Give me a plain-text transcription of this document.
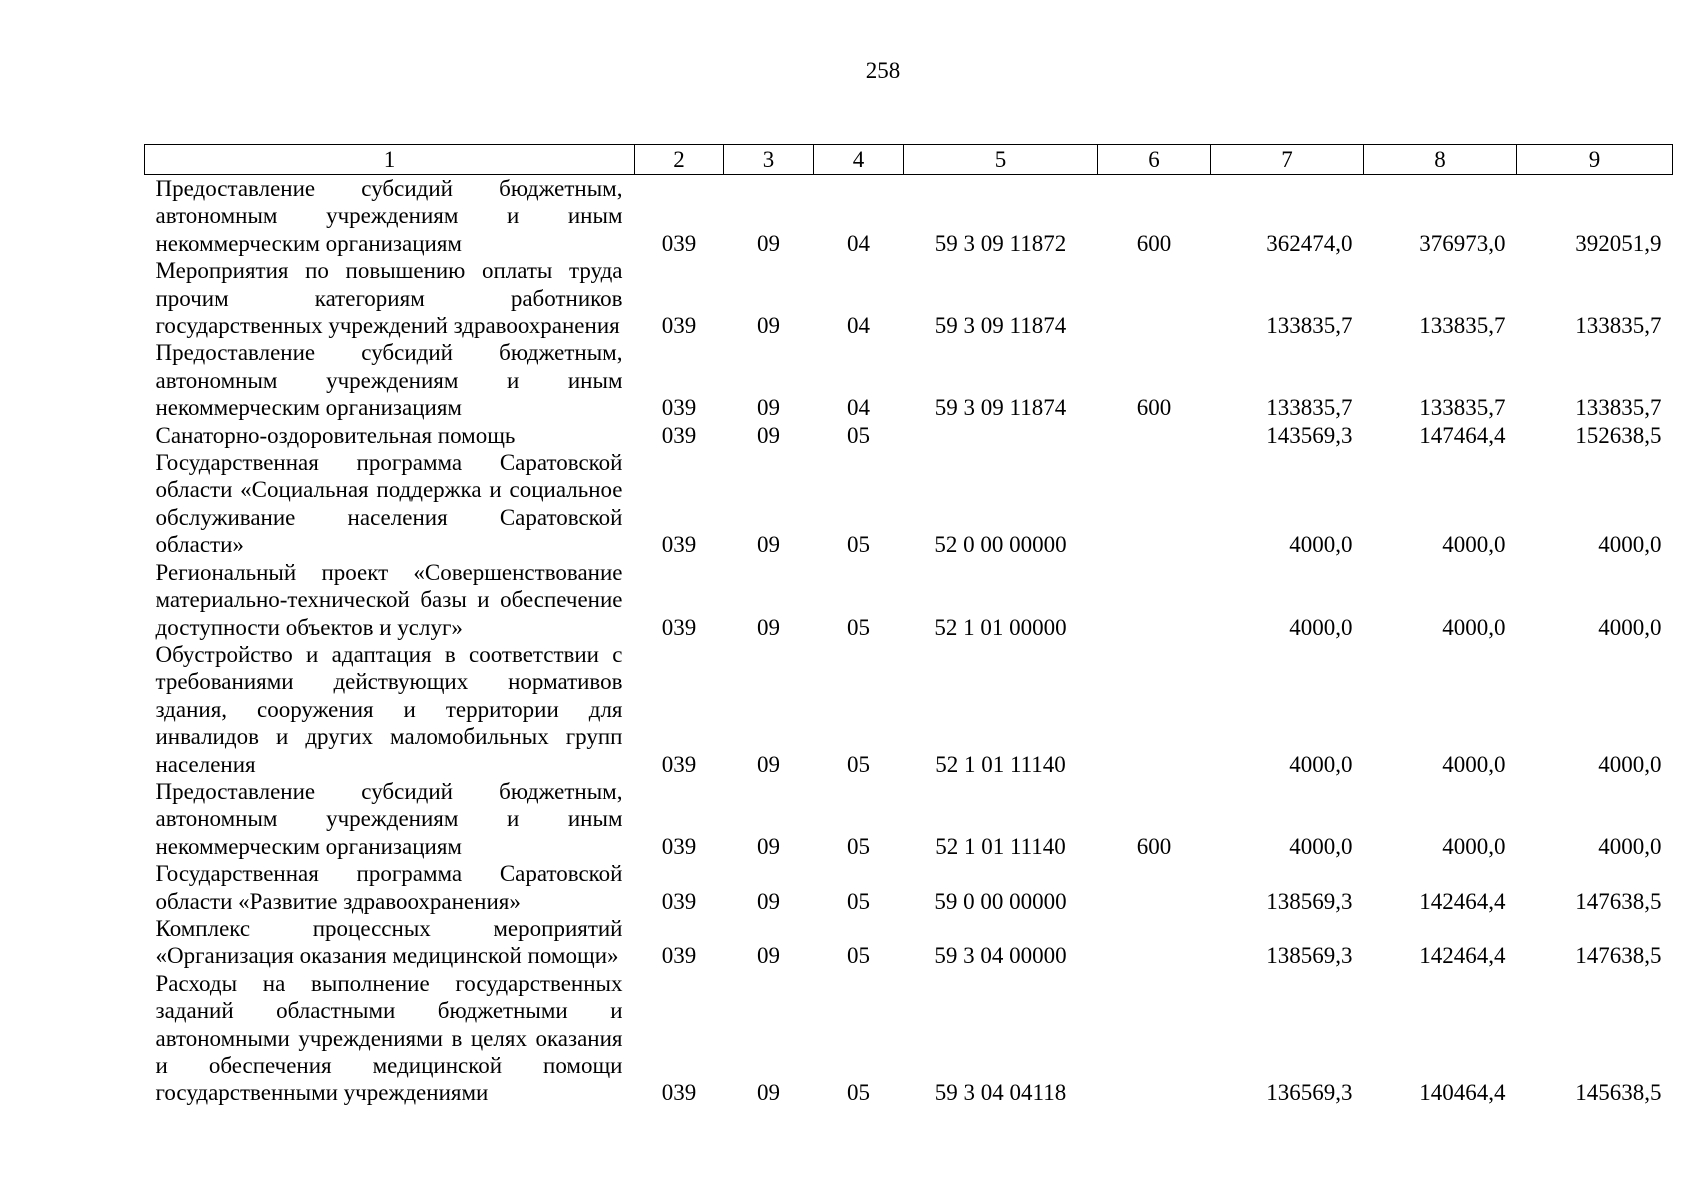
258
1	2	3	4	5	6	7	8	9
Предоставление субсидий бюджетным, автономным учреждениям и иным некоммерческим организациям	039	09	04	59 3 09 11872	600	362474,0	376973,0	392051,9
Мероприятия по повышению оплаты труда прочим категориям работников государственных учреждений здравоохранения	039	09	04	59 3 09 11874		133835,7	133835,7	133835,7
Предоставление субсидий бюджетным, автономным учреждениям и иным некоммерческим организациям	039	09	04	59 3 09 11874	600	133835,7	133835,7	133835,7
Санаторно-оздоровительная помощь	039	09	05			143569,3	147464,4	152638,5
Государственная программа Саратовской области «Социальная поддержка и социальное обслуживание населения Саратовской области»	039	09	05	52 0 00 00000		4000,0	4000,0	4000,0
Региональный проект «Совершенствование материально-технической базы и обеспечение доступности объектов и услуг»	039	09	05	52 1 01 00000		4000,0	4000,0	4000,0
Обустройство и адаптация в соответствии с требованиями действующих нормативов здания, сооружения и территории для инвалидов и других маломобильных групп населения	039	09	05	52 1 01 11140		4000,0	4000,0	4000,0
Предоставление субсидий бюджетным, автономным учреждениям и иным некоммерческим организациям	039	09	05	52 1 01 11140	600	4000,0	4000,0	4000,0
Государственная программа Саратовской области «Развитие здравоохранения»	039	09	05	59 0 00 00000		138569,3	142464,4	147638,5
Комплекс процессных мероприятий «Организация оказания медицинской помощи»	039	09	05	59 3 04 00000		138569,3	142464,4	147638,5
Расходы на выполнение государственных заданий областными бюджетными и автономными учреждениями в целях оказания и обеспечения медицинской помощи государственными учреждениями	039	09	05	59 3 04 04118		136569,3	140464,4	145638,5
